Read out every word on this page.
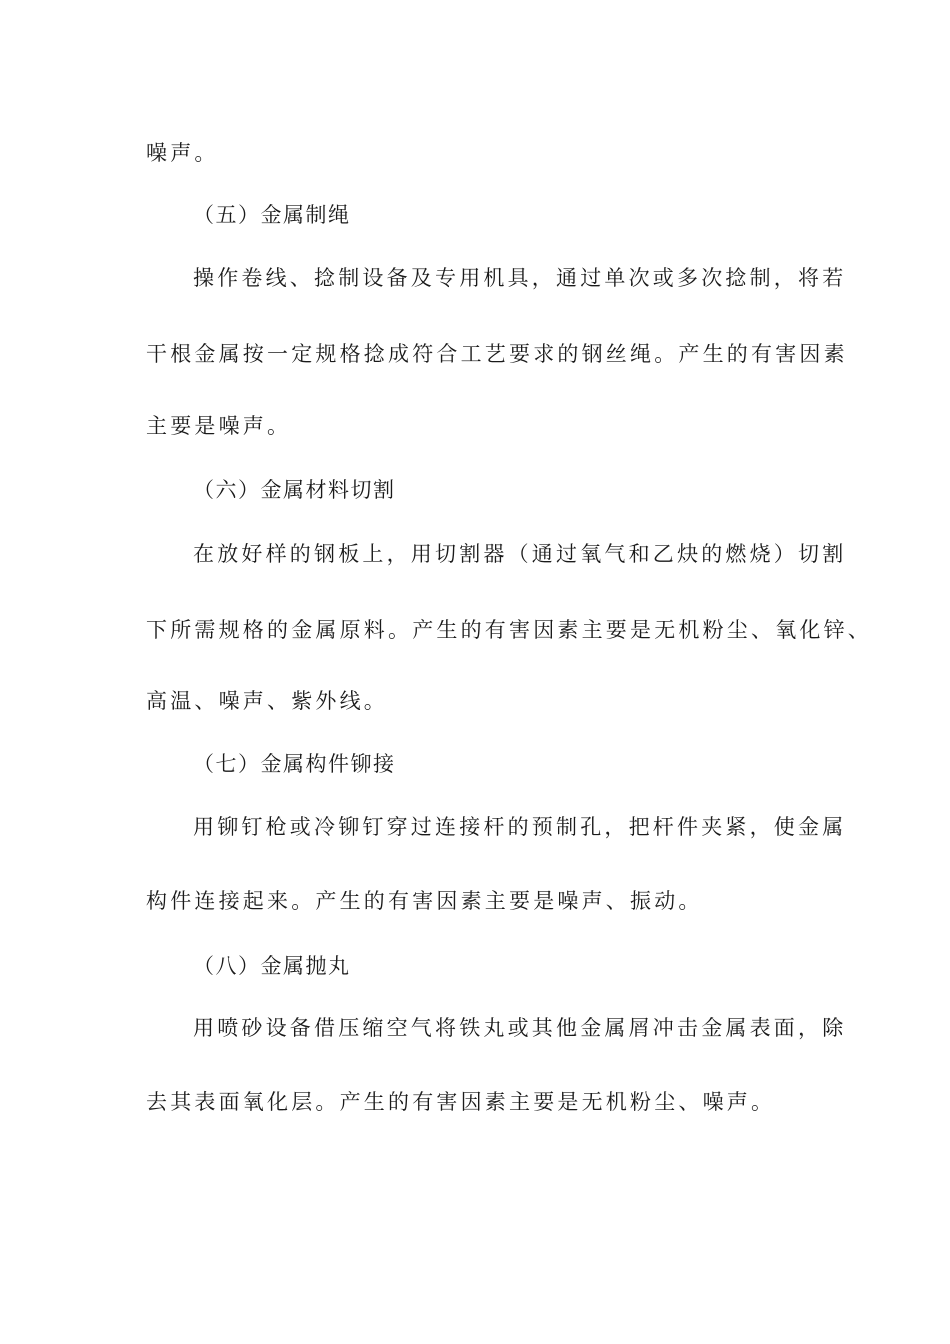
噪声。
（五）金属制绳
操作卷线、捻制设备及专用机具，通过单次或多次捻制，将若
干根金属按一定规格捻成符合工艺要求的钢丝绳。产生的有害因素
主要是噪声。
（六）金属材料切割
在放好样的钢板上，用切割器（通过氧气和乙炔的燃烧）切割
下所需规格的金属原料。产生的有害因素主要是无机粉尘、氧化锌、
高温、噪声、紫外线。
（七）金属构件铆接
用铆钉枪或冷铆钉穿过连接杆的预制孔，把杆件夹紧，使金属
构件连接起来。产生的有害因素主要是噪声、振动。
（八）金属抛丸
用喷砂设备借压缩空气将铁丸或其他金属屑冲击金属表面，除
去其表面氧化层。产生的有害因素主要是无机粉尘、噪声。
